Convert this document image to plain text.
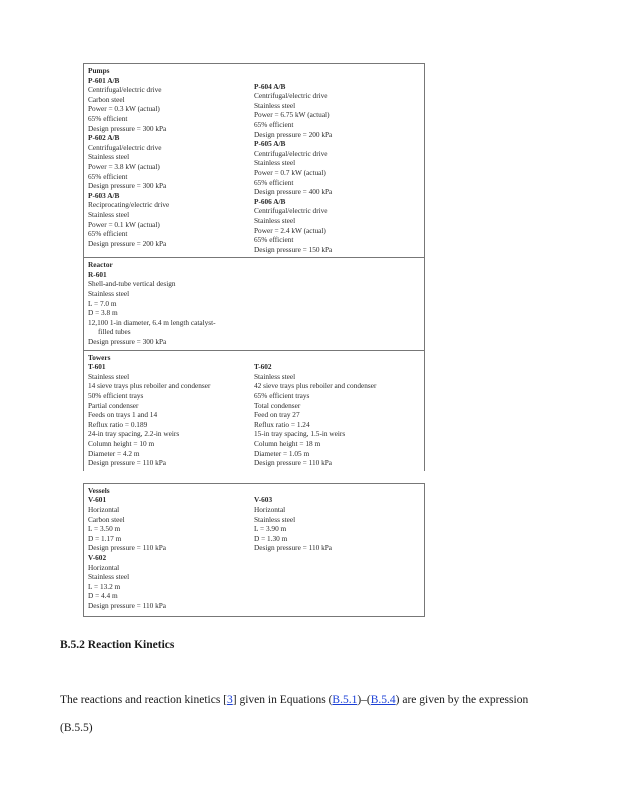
Pumps
P-601 A/B
Centrifugal/electric drive
Carbon steel
Power = 0.3 kW (actual)
65% efficient
Design pressure = 300 kPa
P-602 A/B
Centrifugal/electric drive
Stainless steel
Power = 3.8 kW (actual)
65% efficient
Design pressure = 300 kPa
P-603 A/B
Reciprocating/electric drive
Stainless steel
Power = 0.1 kW (actual)
65% efficient
Design pressure = 200 kPa
P-604 A/B
Centrifugal/electric drive
Stainless steel
Power = 6.75 kW (actual)
65% efficient
Design pressure = 200 kPa
P-605 A/B
Centrifugal/electric drive
Stainless steel
Power = 0.7 kW (actual)
65% efficient
Design pressure = 400 kPa
P-606 A/B
Centrifugal/electric drive
Stainless steel
Power = 2.4 kW (actual)
65% efficient
Design pressure = 150 kPa
Reactor
R-601
Shell-and-tube vertical design
Stainless steel
L = 7.0 m
D = 3.8 m
12,100 1-in diameter, 6.4 m length catalyst-
filled tubes
Design pressure = 300 kPa
Towers
T-601
Stainless steel
14 sieve trays plus reboiler and condenser
50% efficient trays
Partial condenser
Feeds on trays 1 and 14
Reflux ratio = 0.189
24-in tray spacing, 2.2-in weirs
Column height = 10 m
Diameter = 4.2 m
Design pressure = 110 kPa
T-602
Stainless steel
42 sieve trays plus reboiler and condenser
65% efficient trays
Total condenser
Feed on tray 27
Reflux ratio = 1.24
15-in tray spacing, 1.5-in weirs
Column height = 18 m
Diameter = 1.05 m
Design pressure = 110 kPa
Vessels
V-601
Horizontal
Carbon steel
L = 3.50 m
D = 1.17 m
Design pressure = 110 kPa
V-602
Horizontal
Stainless steel
L = 13.2 m
D = 4.4 m
Design pressure = 110 kPa
V-603
Horizontal
Stainless steel
L = 3.90 m
D = 1.30 m
Design pressure = 110 kPa
B.5.2 Reaction Kinetics
The reactions and reaction kinetics [3] given in Equations (B.5.1)–(B.5.4) are given by the expression
(B.5.5)
